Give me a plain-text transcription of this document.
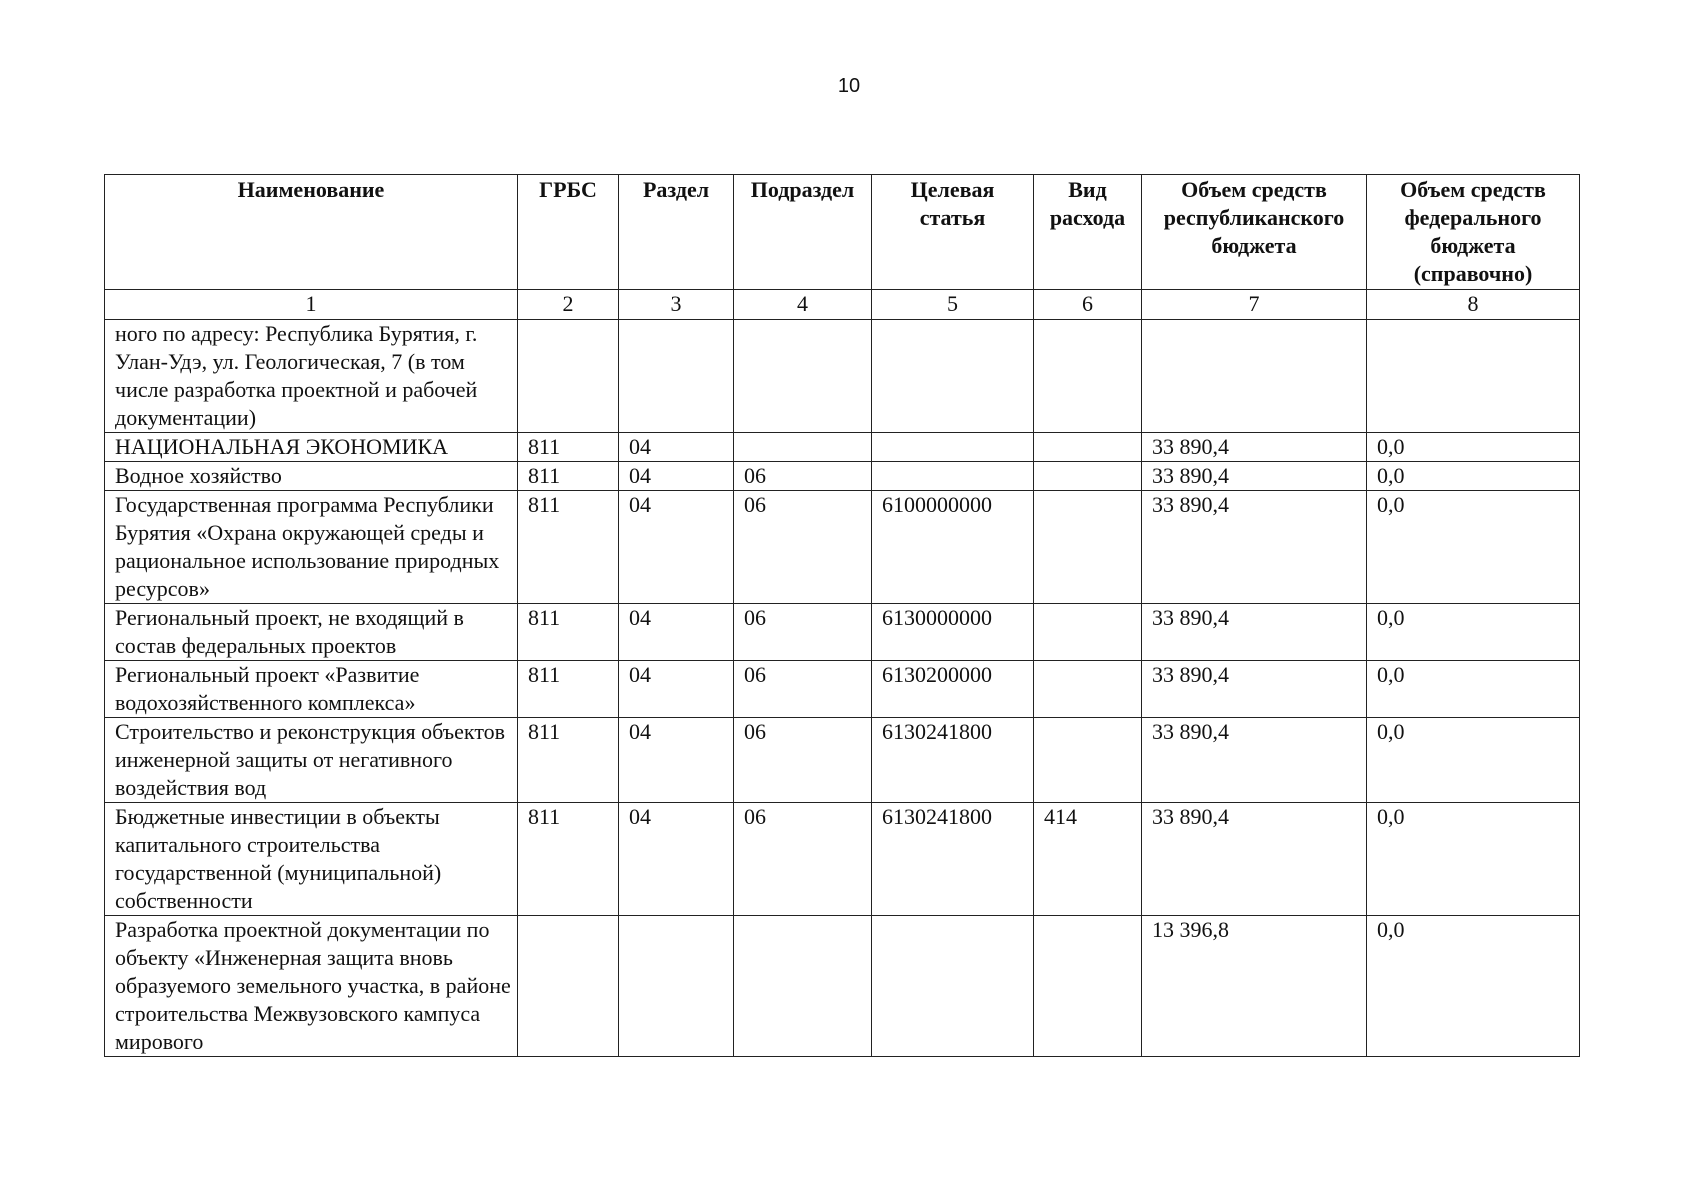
10
Наименование	ГРБС	Раздел	Подраздел	Целевая статья	Вид расхода	Объем средств республиканского бюджета	Объем средств федерального бюджета (справочно)
1	2	3	4	5	6	7	8
ного по адресу: Республика Бурятия, г. Улан-Удэ, ул. Геологическая, 7 (в том числе разработка проектной и рабочей документации)							
НАЦИОНАЛЬНАЯ ЭКОНОМИКА	811	04				33 890,4	0,0
Водное хозяйство	811	04	06			33 890,4	0,0
Государственная программа Республики Бурятия «Охрана окружающей среды и рациональное использование природных ресурсов»	811	04	06	6100000000		33 890,4	0,0
Региональный проект, не входящий в состав федеральных проектов	811	04	06	6130000000		33 890,4	0,0
Региональный проект «Развитие водохозяйственного комплекса»	811	04	06	6130200000		33 890,4	0,0
Строительство и реконструкция объектов инженерной защиты от негативного воздействия вод	811	04	06	6130241800		33 890,4	0,0
Бюджетные инвестиции в объекты капитального строительства государственной (муниципальной) собственности	811	04	06	6130241800	414	33 890,4	0,0
Разработка проектной документации по объекту «Инженерная защита вновь образуемого земельного участка, в районе строительства Межвузовского кампуса мирового						13 396,8	0,0
